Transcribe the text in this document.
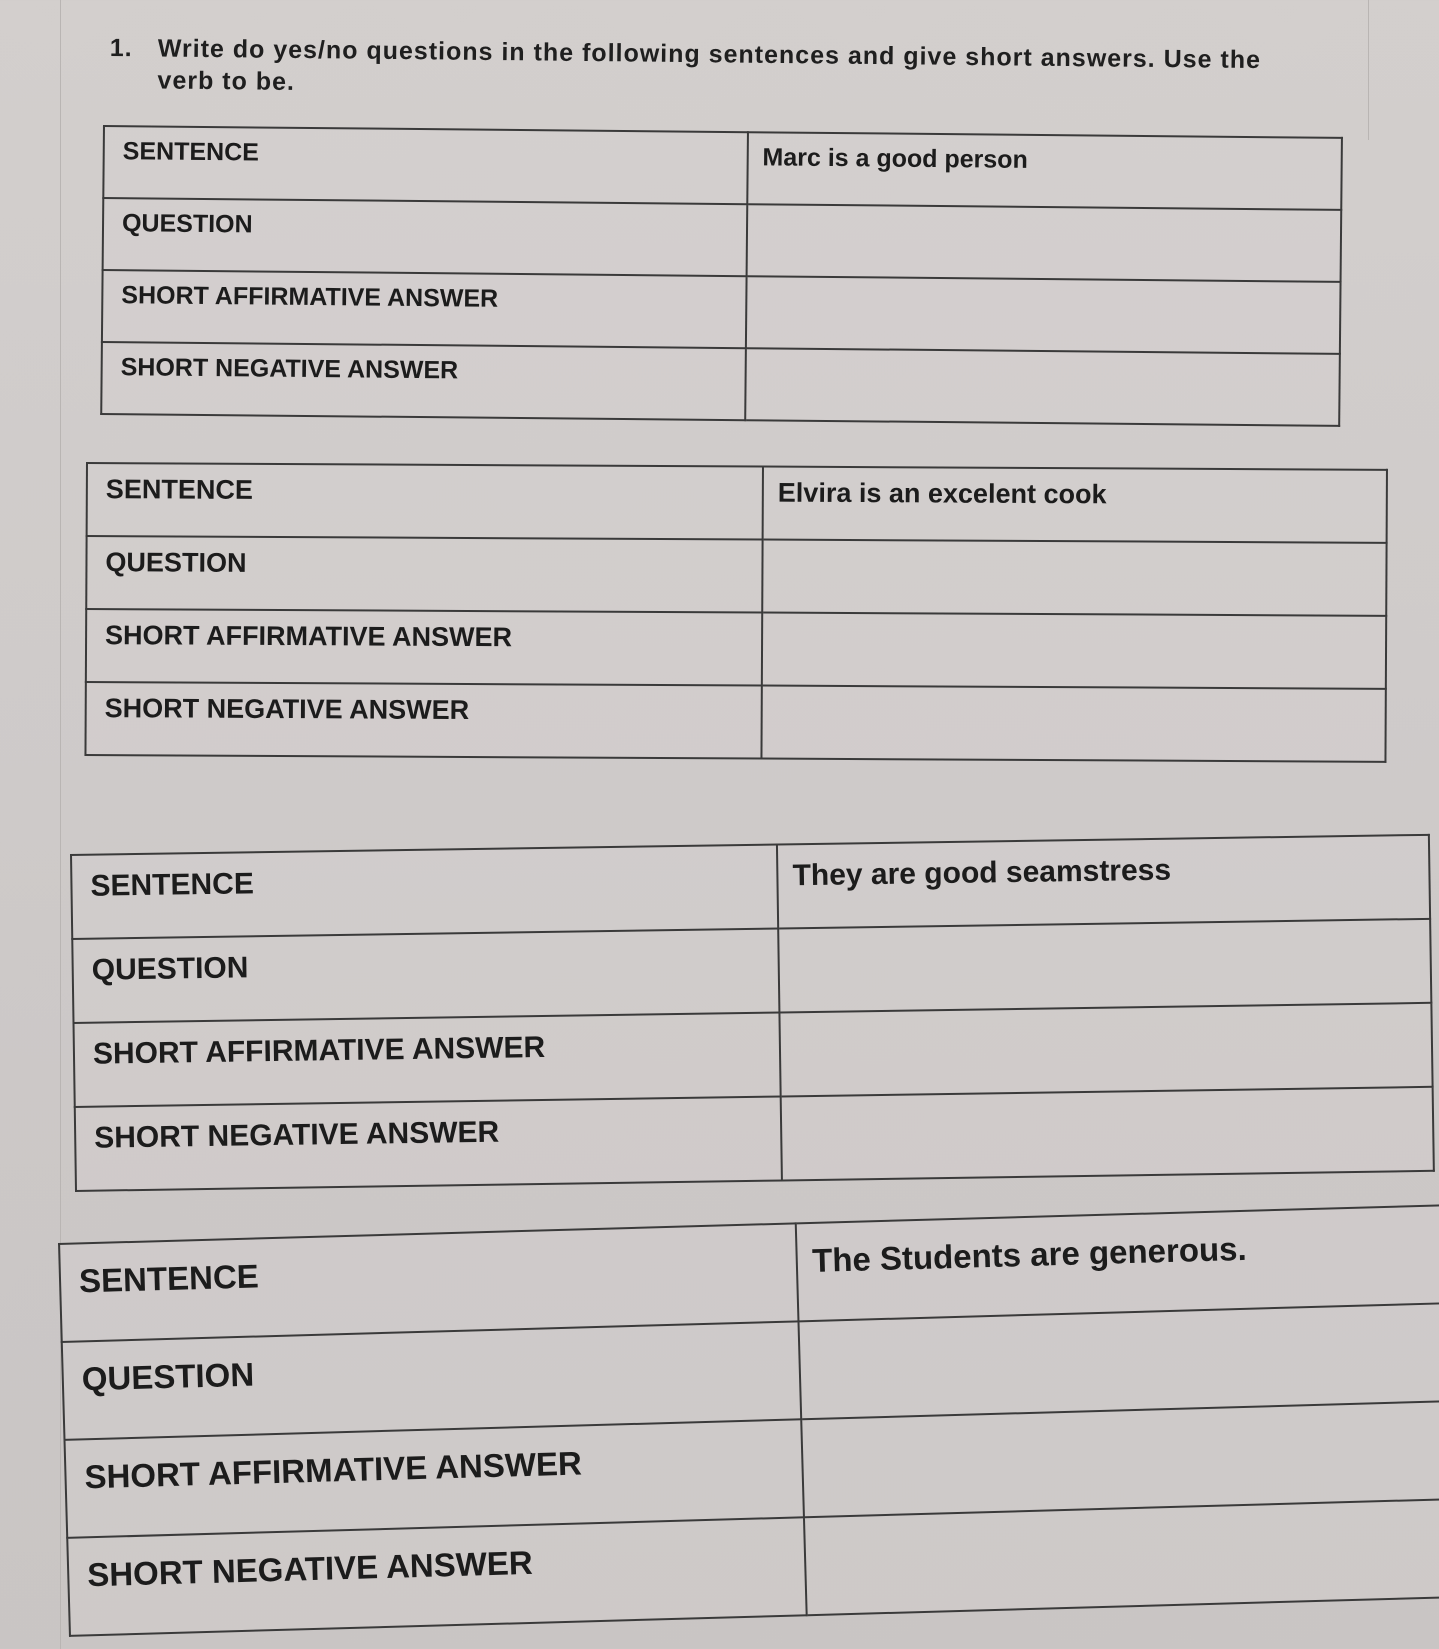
1. Write do yes/no questions in the following sentences and give short answers. Use the
verb to be.
SENTENCE	Marc is a good person
QUESTION	
SHORT AFFIRMATIVE ANSWER	
SHORT NEGATIVE ANSWER	
SENTENCE	Elvira is an excelent cook
QUESTION	
SHORT AFFIRMATIVE ANSWER	
SHORT NEGATIVE ANSWER	
SENTENCE	They are good seamstress
QUESTION	
SHORT AFFIRMATIVE ANSWER	
SHORT NEGATIVE ANSWER	
SENTENCE	The Students are generous.
QUESTION	
SHORT AFFIRMATIVE ANSWER	
SHORT NEGATIVE ANSWER	
